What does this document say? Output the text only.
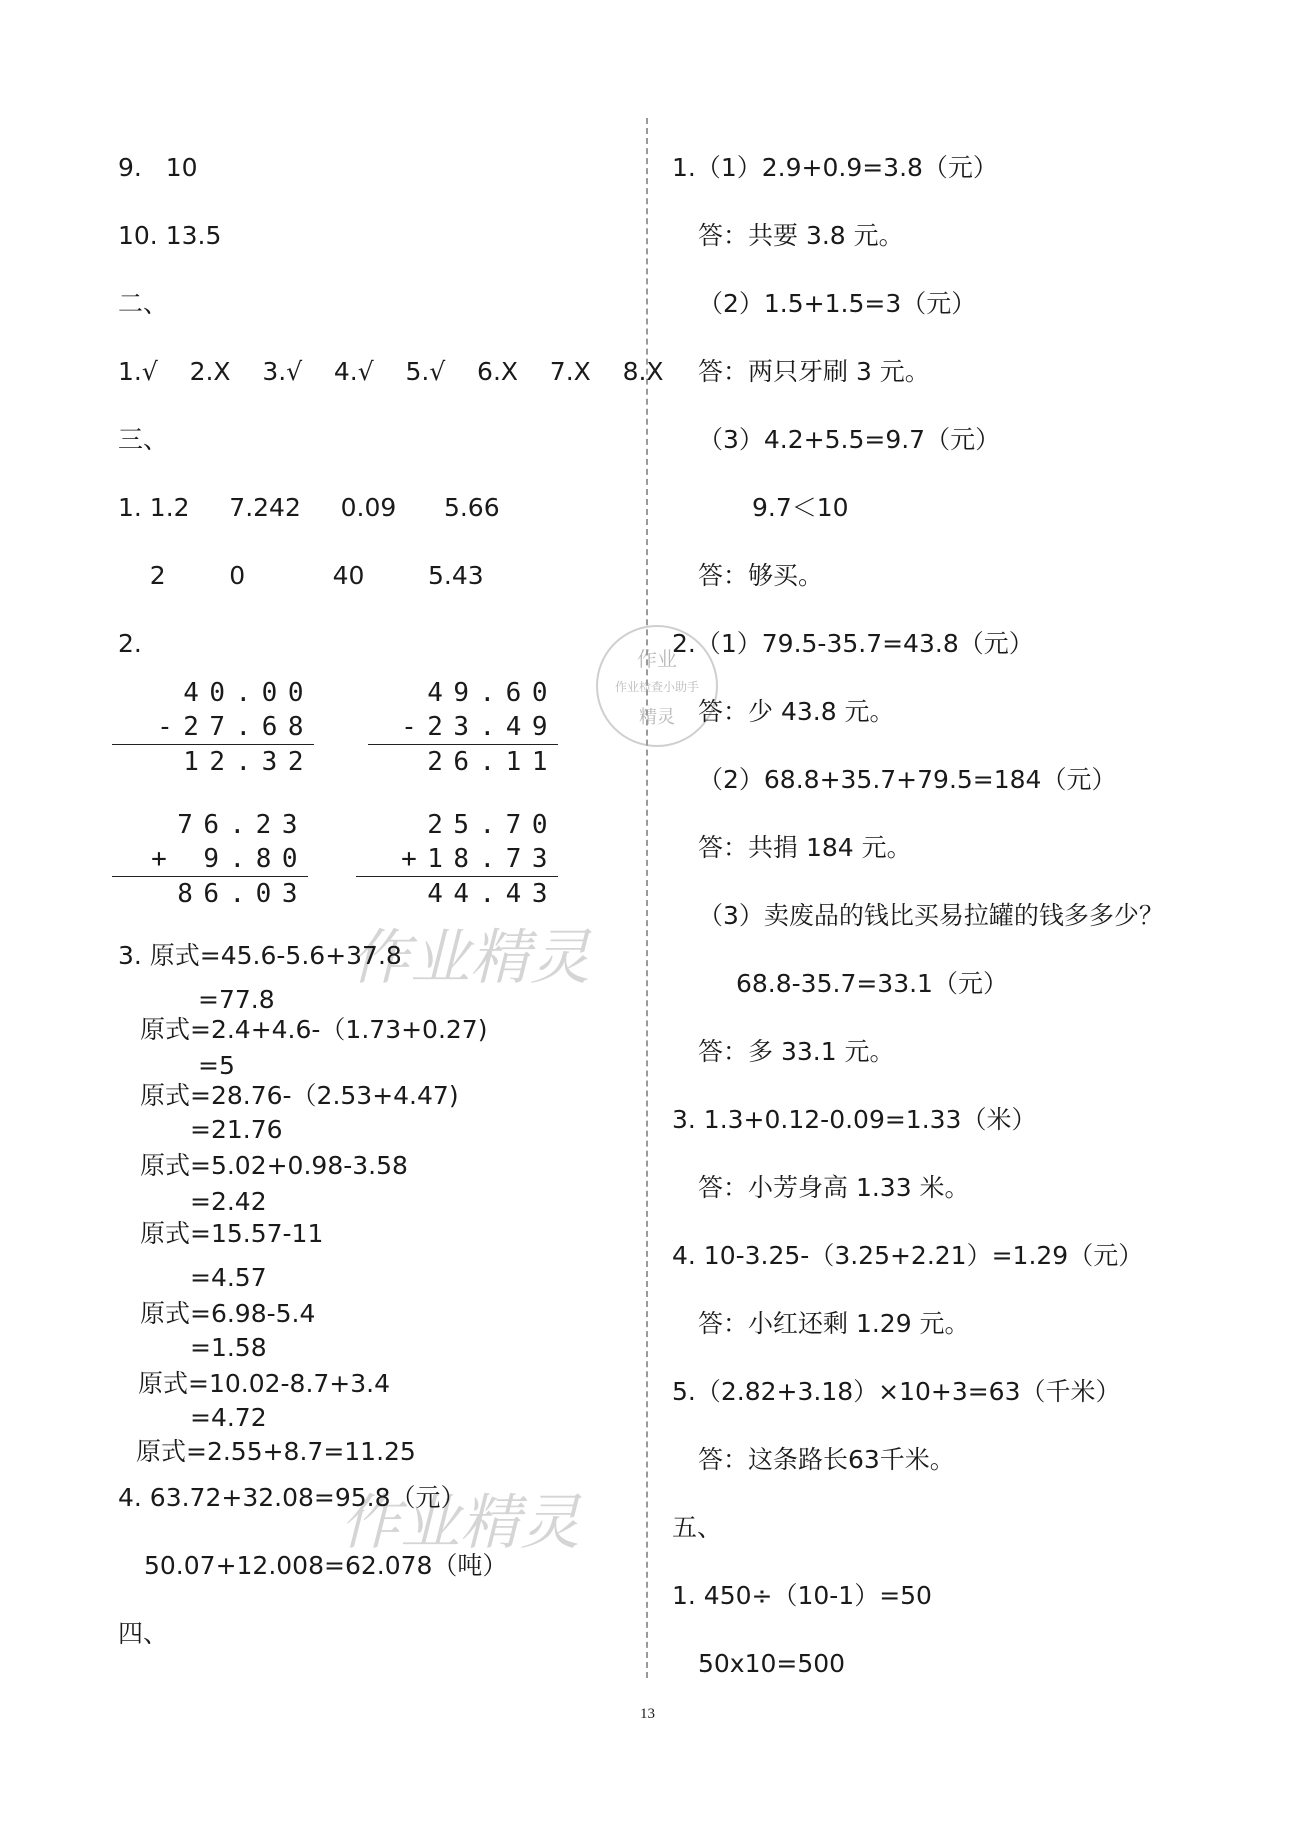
作业精灵
作业精灵
作业
作业检查小助手
精灵
9.   10
10. 13.5
二、
1.√    2.X    3.√    4.√    5.√    6.X    7.X    8.X
三、
1. 1.2     7.242     0.09      5.66
2        0           40        5.43
2.
40.00
-27.68
12.32
49.60
-23.49
26.11
76.23
+ 9.80
86.03
25.70
+18.73
44.43
3. 原式=45.6-5.6+37.8
=77.8
原式=2.4+4.6-（1.73+0.27)
=5
原式=28.76-（2.53+4.47)
=21.76
原式=5.02+0.98-3.58
=2.42
原式=15.57-11
=4.57
原式=6.98-5.4
=1.58
原式=10.02-8.7+3.4
=4.72
原式=2.55+8.7=11.25
4. 63.72+32.08=95.8（元）
50.07+12.008=62.078（吨）
四、
1.（1）2.9+0.9=3.8（元）
答：共要 3.8 元。
（2）1.5+1.5=3（元）
答：两只牙刷 3 元。
（3）4.2+5.5=9.7（元）
9.7＜10
答：够买。
2.（1）79.5-35.7=43.8（元）
答：少 43.8 元。
（2）68.8+35.7+79.5=184（元）
答：共捐 184 元。
（3）卖废品的钱比买易拉罐的钱多多少？
68.8-35.7=33.1（元）
答：多 33.1 元。
3. 1.3+0.12-0.09=1.33（米）
答：小芳身高 1.33 米。
4. 10-3.25-（3.25+2.21）=1.29（元）
答：小红还剩 1.29 元。
5.（2.82+3.18）×10+3=63（千米）
答：这条路长63千米。
五、
1. 450÷（10-1）=50
50x10=500
13
